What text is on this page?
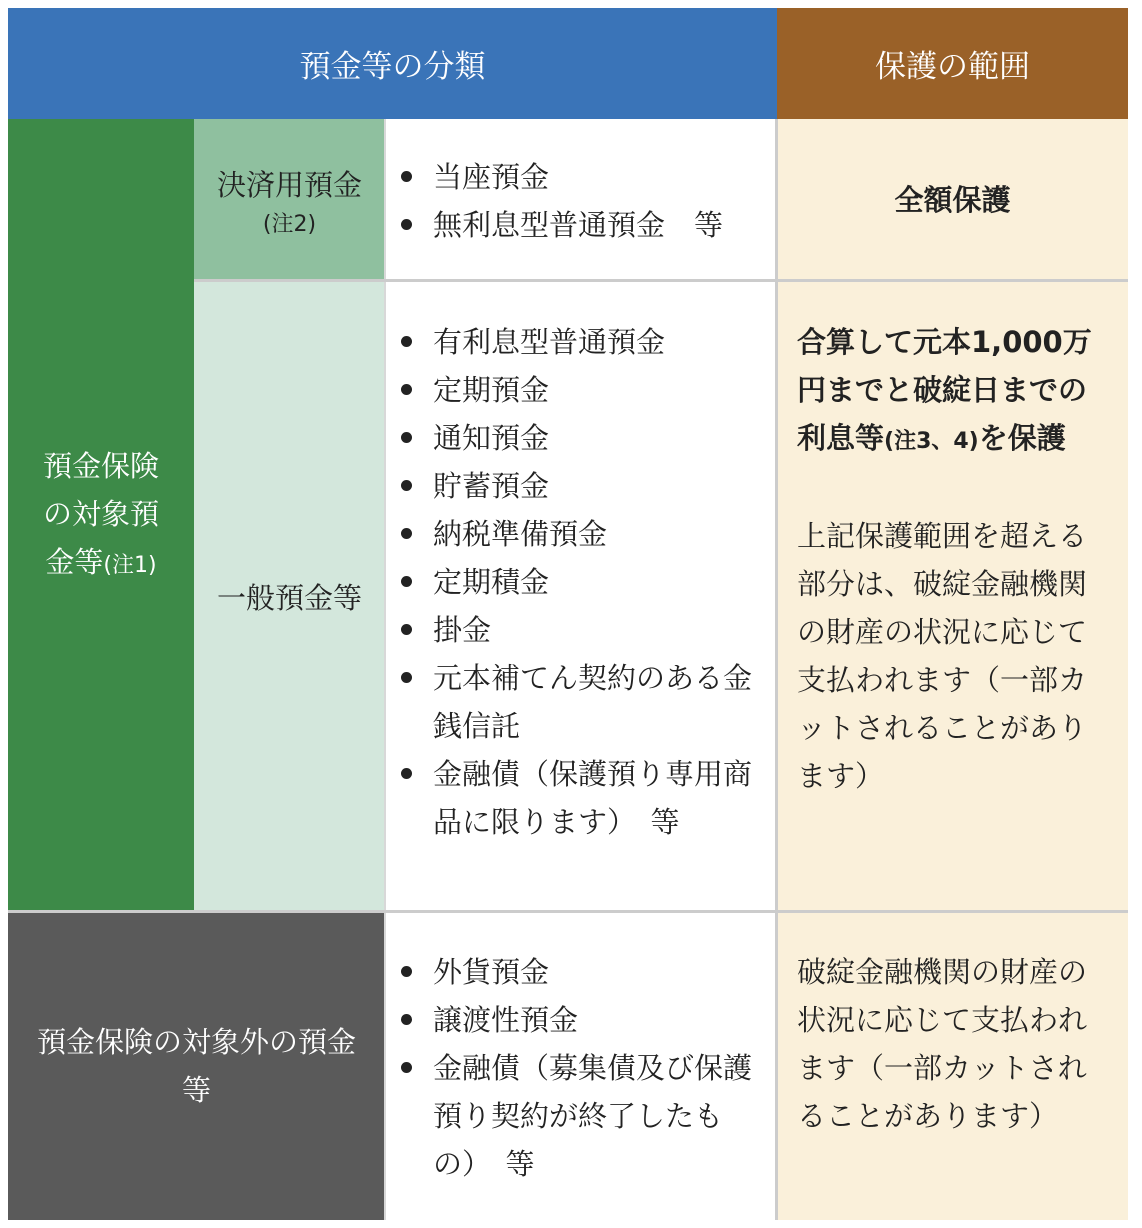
預金等の分類	保護の範囲
預金保険
の対象預
金等(注1)
決済用預金
(注2)
当座預金
無利息型普通預金　等
全額保護
一般預金等
有利息型普通預金
定期預金
通知預金
貯蓄預金
納税準備預金
定期積金
掛金
元本補てん契約のある金銭信託
金融債（保護預り専用商品に限ります）　等
合算して元本1,000万円までと破綻日までの利息等(注3、4)を保護
上記保護範囲を超える部分は、破綻金融機関の財産の状況に応じて支払われます（一部カットされることがあります）
預金保険の対象外の預金等
外貨預金
譲渡性預金
金融債（募集債及び保護預り契約が終了したもの）　等
破綻金融機関の財産の状況に応じて支払われます（一部カットされることがあります）
